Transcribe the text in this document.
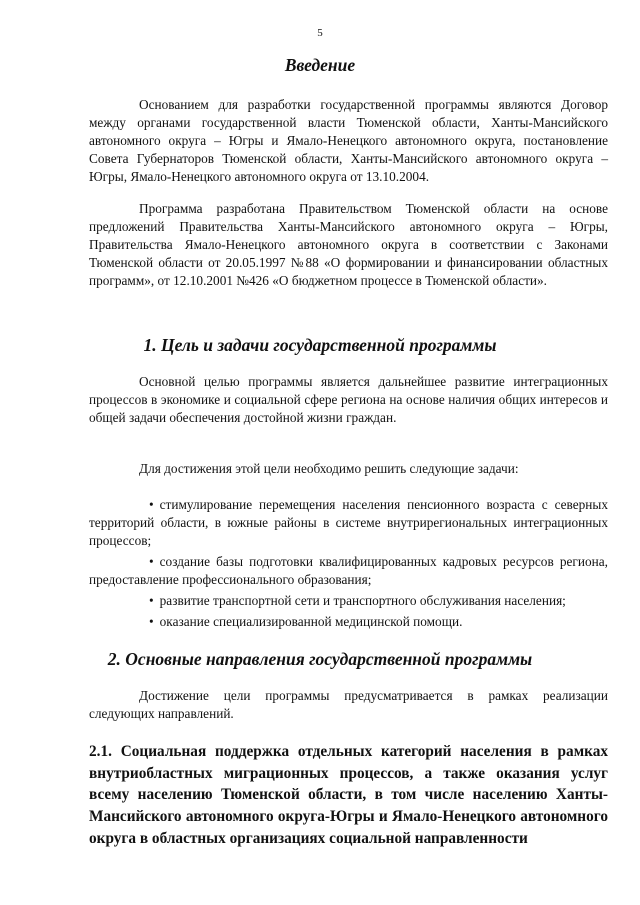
5
Введение

Основанием для разработки государственной программы являются Договор между органами государственной власти Тюменской области, Ханты-Мансийского автономного округа – Югры и Ямало-Ненецкого автономного округа, постановление Совета Губернаторов Тюменской области, Ханты-Мансийского автономного округа – Югры, Ямало-Ненецкого автономного округа от 13.10.2004.

Программа разработана Правительством Тюменской области на основе предложений Правительства Ханты-Мансийского автономного округа – Югры, Правительства Ямало-Ненецкого автономного округа в соответствии с Законами Тюменской области от 20.05.1997 №88 «О формировании и финансировании областных программ», от 12.10.2001 №426 «О бюджетном процессе в Тюменской области».

1. Цель и задачи государственной программы

Основной целью программы является дальнейшее развитие интеграционных процессов в экономике и социальной сфере региона на основе наличия общих интересов и общей задачи обеспечения достойной жизни граждан.

Для достижения этой цели необходимо решить следующие задачи:

• стимулирование перемещения населения пенсионного возраста с северных территорий области, в южные районы в системе внутрирегиональных интеграционных процессов;
• создание базы подготовки квалифицированных кадровых ресурсов региона, предоставление профессионального образования;
• развитие транспортной сети и транспортного обслуживания населения;
• оказание специализированной медицинской помощи.
2. Основные направления государственной программы

Достижение цели программы предусматривается в рамках реализации следующих направлений.

2.1. Социальная поддержка отдельных категорий населения в рамках внутриобластных миграционных процессов, а также оказания услуг всему населению Тюменской области, в том числе населению Ханты-Мансийского автономного округа-Югры и Ямало-Ненецкого автономного округа в областных организациях социальной направленности
